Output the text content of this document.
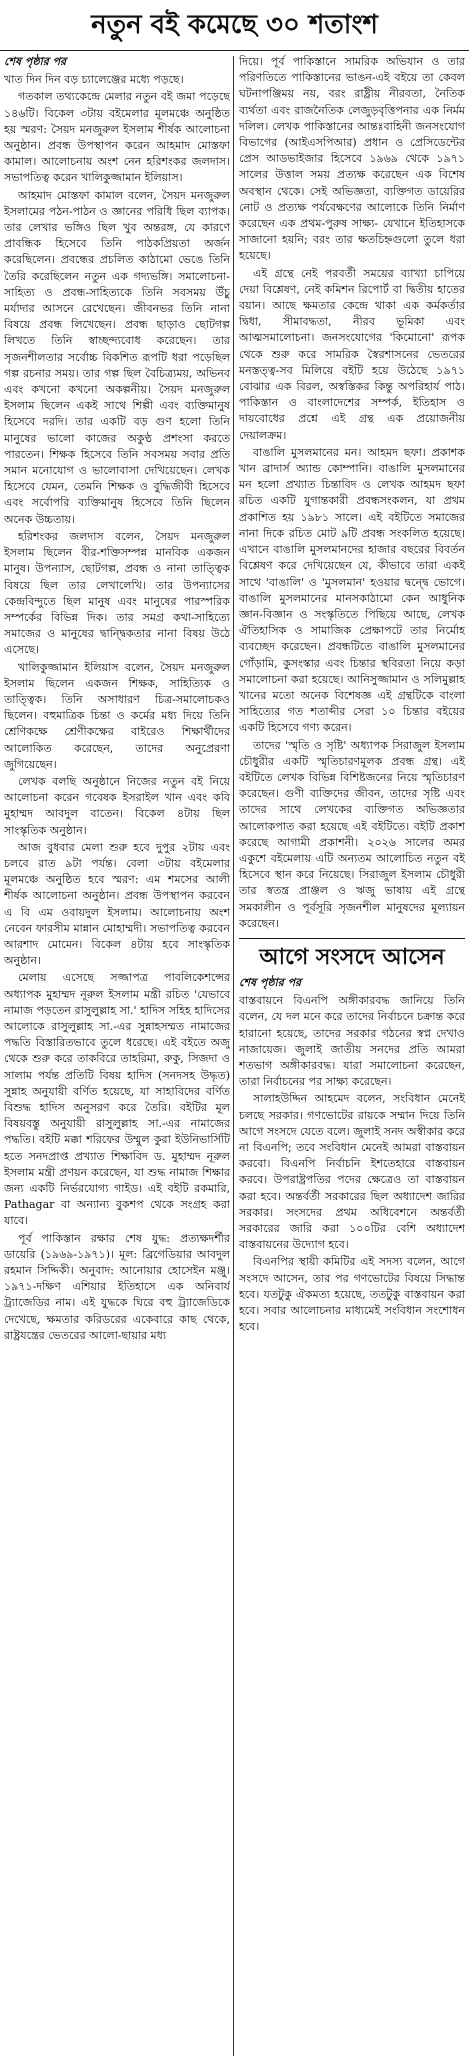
নতুন বই কমেছে ৩০ শতাংশ
শেষ পৃষ্ঠার পর

খাত দিন দিন বড় চ্যালেঞ্জের মধ্যে পড়ছে।

গতকাল তথ্যকেন্দ্রে মেলার নতুন বই জমা পড়েছে ১৪৬টি। বিকেল ৩টায় বইমেলার মূলমঞ্চে অনুষ্ঠিত হয় স্মরণ: সৈয়দ মনজুরুল ইসলাম শীর্ষক আলোচনা অনুষ্ঠান। প্রবন্ধ উপস্থাপন করেন আহমাদ মোস্তফা কামাল। আলোচনায় অংশ নেন হরিশংকর জলদাস। সভাপতিত্ব করেন খালিকুজ্জামান ইলিয়াস।

আহমাদ মোস্তফা কামাল বলেন, সৈয়দ মনজুরুল ইসলামের পঠন-পাঠন ও জ্ঞানের পরিধি ছিল ব্যাপক। তার লেখার ভঙ্গিও ছিল খুব অন্তরঙ্গ, যে কারণে প্রাবন্ধিক হিসেবে তিনি পাঠকপ্রিয়তা অর্জন করেছিলেন। প্রবন্ধের প্রচলিত কাঠামো ভেঙে তিনি তৈরি করেছিলেন নতুন এক গদ্যভঙ্গি। সমালোচনা-সাহিত্য ও প্রবন্ধ-সাহিত্যকে তিনি সবসময় উঁচু মর্যাদার আসনে রেখেছেন। জীবনভর তিনি নানা বিষয়ে প্রবন্ধ লিখেছেন। প্রবন্ধ ছাড়াও ছোটগল্প লিখতে তিনি স্বাচ্ছন্দ্যবোধ করেছেন। তার সৃজনশীলতার সর্বোচ্চ বিকশিত রূপটি ধরা পড়েছিল গল্প রচনার সময়। তার গল্প ছিল বৈচিত্র্যময়, অভিনব এবং কখনো কখনো অকল্পনীয়। সৈয়দ মনজুরুল ইসলাম ছিলেন একই সাথে শিল্পী এবং ব্যক্তিমানুষ হিসেবে দরদি। তার একটি বড় গুণ হলো তিনি মানুষের ভালো কাজের অকুণ্ঠ প্রশংসা করতে পারতেন। শিক্ষক হিসেবে তিনি সবসময় সবার প্রতি সমান মনোযোগ ও ভালোবাসা দেখিয়েছেন। লেখক হিসেবে যেমন, তেমনি শিক্ষক ও বুদ্ধিজীবী হিসেবে এবং সর্বোপরি ব্যক্তিমানুষ হিসেবে তিনি ছিলেন অনেক উচ্চতায়।

হরিশংকর জলদাস বলেন, সৈয়দ মনজুরুল ইসলাম ছিলেন বীর-শক্তিসম্পন্ন মানবিক একজন মানুষ। উপন্যাস, ছোটগল্প, প্রবন্ধ ও নানা তাত্ত্বিক বিষয়ে ছিল তার লেখালেখি। তার উপন্যাসের কেন্দ্রবিন্দুতে ছিল মানুষ এবং মানুষের পারস্পরিক সম্পর্কের বিভিন্ন দিক। তার সমগ্র কথা-সাহিত্যে সমাজের ও মানুষের দ্বান্দ্বিকতার নানা বিষয় উঠে এসেছে।

খালিকুজ্জামান ইলিয়াস বলেন, সৈয়দ মনজুরুল ইসলাম ছিলেন একজন শিক্ষক, সাহিত্যিক ও তাত্ত্বিক। তিনি অসাধারণ চিত্র-সমালোচকও ছিলেন। বহুমাত্রিক চিন্তা ও কর্মের মধ্য দিয়ে তিনি শ্রেণিকক্ষে শ্রেণীকক্ষের বাইরেও শিক্ষার্থীদের আলোকিত করেছেন, তাদের অনুপ্রেরণা জুগিয়েছেন।

লেখক বলছি অনুষ্ঠানে নিজের নতুন বই নিয়ে আলোচনা করেন গবেষক ইসরাইল খান এবং কবি মুহাম্মদ আবদুল বাতেন। বিকেল ৪টায় ছিল সাংস্কৃতিক অনুষ্ঠান।

আজ বুধবার মেলা শুরু হবে দুপুর ২টায় এবং চলবে রাত ৯টা পর্যন্ত। বেলা ৩টায় বইমেলার মূলমঞ্চে অনুষ্ঠিত হবে স্মরণ: এম শমসের আলী শীর্ষক আলোচনা অনুষ্ঠান। প্রবন্ধ উপস্থাপন করবেন এ বি এম ওবায়দুল ইসলাম। আলোচনায় অংশ নেবেন ফারসীম মান্নান মোহাম্মদী। সভাপতিত্ব করবেন আরশাদ মোমেন। বিকেল ৪টায় হবে সাংস্কৃতিক অনুষ্ঠান।

মেলায় এসেছে সজ্জাপত্র পাবলিকেশন্সের অধ্যাপক মুহাম্মদ নূরুল ইসলাম মন্ত্রী রচিত 'যেভাবে নামাজ পড়তেন রাসুলুল্লাহ সা.' হাদিস সহিহ হাদিসের আলোকে রাসুলুল্লাহ সা.-এর সুন্নাহসম্মত নামাজের পদ্ধতি বিস্তারিতভাবে তুলে ধরেছে। এই বইতে অজু থেকে শুরু করে তাকবিরে তাহরিমা, রুকু, সিজদা ও সালাম পর্যন্ত প্রতিটি বিষয় হাদিস (সনদসহ উদ্ধৃত) সুন্নাহ অনুযায়ী বর্ণিত হয়েছে, যা সাহাবিদের বর্ণিত বিশুদ্ধ হাদিস অনুসরণ করে তৈরি। বইটির মূল বিষয়বস্তু অনুযায়ী রাসুলুল্লাহ সা.-এর নামাজের পদ্ধতি। বইটি মক্কা শরিফের উম্মুল কুরা ইউনিভার্সিটি হতে সনদপ্রাপ্ত প্রখ্যাত শিক্ষাবিদ ড. মুহাম্মদ নূরুল ইসলাম মন্ত্রী প্রণয়ন করেছেন, যা শুদ্ধ নামাজ শিক্ষার জন্য একটি নির্ভরযোগ্য গাইড। এই বইটি রকমারি, Pathagar বা অন্যান্য বুকশপ থেকে সংগ্রহ করা যাবে।

পূর্ব পাকিস্তান রক্ষার শেষ যুদ্ধ: প্রত্যক্ষদর্শীর ডায়েরি (১৯৬৯-১৯৭১)। মূল: ব্রিগেডিয়ার আবদুল রহমান সিদ্দিকী। অনুবাদ: আনোয়ার হোসেইন মঞ্জু। ১৯৭১-দক্ষিণ এশিয়ার ইতিহাসে এক অনিবার্য ট্র্যাজেডির নাম। এই যুদ্ধকে ঘিরে বহু ট্র্যাজেডিকে দেখেছে, ক্ষমতার করিডরের একেবারে কাছ থেকে, রাষ্ট্রযন্ত্রের ভেতরের আলো-ছায়ার মধ্য

দিয়ে। পূর্ব পাকিস্তানে সামরিক অভিযান ও তার পরিণতিতে পাকিস্তানের ভাঙন-এই বইয়ে তা কেবল ঘটনাপঞ্জিময় নয়, বরং রাষ্ট্রীয় নীরবতা, নৈতিক ব্যর্থতা এবং রাজনৈতিক লেজুড়বৃত্তিপনার এক নির্মম দলিল। লেখক পাকিস্তানের আন্তঃবাহিনী জনসংযোগ বিভাগের (আইএসপিআর) প্রধান ও প্রেসিডেন্টের প্রেস আডভাইজার হিসেবে ১৯৬৯ থেকে ১৯৭১ সালের উত্তাল সময় প্রত্যক্ষ করেছেন এক বিশেষ অবস্থান থেকে। সেই অভিজ্ঞতা, ব্যক্তিগত ডায়েরির নোট ও প্রত্যক্ষ পর্যবেক্ষণের আলোকে তিনি নির্মাণ করেছেন এক প্রথম-পুরুষ সাক্ষ্য- যেখানে ইতিহাসকে সাজানো হয়নি; বরং তার ক্ষতচিহ্নগুলো তুলে ধরা হয়েছে।

এই গ্রন্থে নেই পরবর্তী সময়ের ব্যাখ্যা চাপিয়ে দেয়া বিশ্লেষণ, নেই কমিশন রিপোর্ট বা দ্বিতীয় হাতের বয়ান। আছে ক্ষমতার কেন্দ্রে থাকা এক কর্মকর্তার দ্বিধা, সীমাবদ্ধতা, নীরব ভূমিকা এবং আত্মসমালোচনা। জনসংযোগের 'কিমোনো' রূপক থেকে শুরু করে সামরিক স্বৈরশাসনের ভেতরের মনস্তত্ত্ব-সব মিলিয়ে বইটি হয়ে উঠেছে ১৯৭১ বোঝার এক বিরল, অস্বস্তিকর কিন্তু অপরিহার্য পাঠ। পাকিস্তান ও বাংলাদেশের সম্পর্ক, ইতিহাস ও দায়বোধের প্রশ্নে এই গ্রন্থ এক প্রয়োজনীয় দেয়ালক্রম।

বাঙালি মুসলমানের মন। আহমদ ছফা। প্রকাশক খান ব্রাদার্স অ্যান্ড কোম্পানি। বাঙালি মুসলমানের মন হলো প্রখ্যাত চিন্তাবিদ ও লেখক আহমদ ছফা রচিত একটি যুগান্তকারী প্রবন্ধসংকলন, যা প্রথম প্রকাশিত হয় ১৯৮১ সালে। এই বইটিতে সমাজের নানা দিকে রচিত মোট ৯টি প্রবন্ধ সংকলিত হয়েছে। এখানে বাঙালি মুসলমানদের হাজার বছরের বিবর্তন বিশ্লেষণ করে দেখিয়েছেন যে, কীভাবে তারা একই সাথে 'বাঙালি' ও 'মুসলমান' হওয়ার দ্বন্দ্বে ভোগে। বাঙালি মুসলমানের মানসকাঠামো কেন আধুনিক জ্ঞান-বিজ্ঞান ও সংস্কৃতিতে পিছিয়ে আছে, লেখক ঐতিহাসিক ও সামাজিক প্রেক্ষাপটে তার নির্মোহ ব্যবচ্ছেদ করেছেন। প্রবন্ধটিতে বাঙালি মুসলমানের গোঁড়ামি, কুসংস্কার এবং চিন্তার স্থবিরতা নিয়ে কড়া সমালোচনা করা হয়েছে। আনিসুজ্জামান ও সলিমুল্লাহ খানের মতো অনেক বিশেষজ্ঞ এই গ্রন্থটিকে বাংলা সাহিত্যের গত শতাব্দীর সেরা ১০ চিন্তার বইয়ের একটি হিসেবে গণ্য করেন।

তাদের 'স্মৃতি ও সৃষ্টি' অধ্যাপক সিরাজুল ইসলাম চৌধুরীর একটি স্মৃতিচারণমূলক প্রবন্ধ গ্রন্থ। এই বইটিতে লেখক বিভিন্ন বিশিষ্টজনের নিয়ে স্মৃতিচারণ করেছেন। গুণী ব্যক্তিদের জীবন, তাদের সৃষ্টি এবং তাদের সাথে লেখকের ব্যক্তিগত অভিজ্ঞতার আলোকপাত করা হয়েছে এই বইটিতে। বইটি প্রকাশ করেছে আগামী প্রকাশনী। ২০২৬ সালের অমর একুশে বইমেলায় এটি অন্যতম আলোচিত নতুন বই হিসেবে স্থান করে নিয়েছে। সিরাজুল ইসলাম চৌধুরী তার স্বতন্ত্র প্রাঞ্জল ও ঋজু ভাষায় এই গ্রন্থে সমকালীন ও পূর্বসূরি সৃজনশীল মানুষদের মূল্যায়ন করেছেন।

আগে সংসদে আসেন
শেষ পৃষ্ঠার পর

বাস্তবায়নে বিএনপি অঙ্গীকারবদ্ধ জানিয়ে তিনি বলেন, যে দল মনে করে তাদের নির্বাচনে চক্রান্ত করে হারানো হয়েছে, তাদের সরকার গঠনের স্বপ্ন দেখাও নাজায়েজ। জুলাই জাতীয় সনদের প্রতি আমরা শতভাগ অঙ্গীকারবদ্ধ। যারা সমালোচনা করেছেন, তারা নির্বাচনের পর সাক্ষ্য করেছেন।

সালাহউদ্দিন আহমেদ বলেন, সংবিধান মেনেই চলছে সরকার। গণভোটের রায়কে সম্মান দিয়ে তিনি আগে সংসদে যেতে বলে। জুলাই সনদ অস্বীকার করে না বিএনপি; তবে সংবিধান মেনেই আমরা বাস্তবায়ন করবো। বিএনপি নির্বাচনি ইশতেহারে বাস্তবায়ন করবে। উপরাষ্ট্রপতির পদের ক্ষেত্রেও তা বাস্তবায়ন করা হবে। অন্তর্বর্তী সরকারের ছিল অধ্যাদেশ জারির সরকার। সংসদের প্রথম অধিবেশনে অন্তর্বর্তী সরকারের জারি করা ১০০টির বেশি অধ্যাদেশ বাস্তবায়নের উদ্যোগ হবে।

বিএনপির স্থায়ী কমিটির এই সদস্য বলেন, আগে সংসদে আসেন, তার পর গণভোটের বিষয়ে সিদ্ধান্ত হবে। যতটুকু ঐকমত্য হয়েছে, ততটুকু বাস্তবায়ন করা হবে। সবার আলোচনার মাধ্যমেই সংবিধান সংশোধন হবে।
